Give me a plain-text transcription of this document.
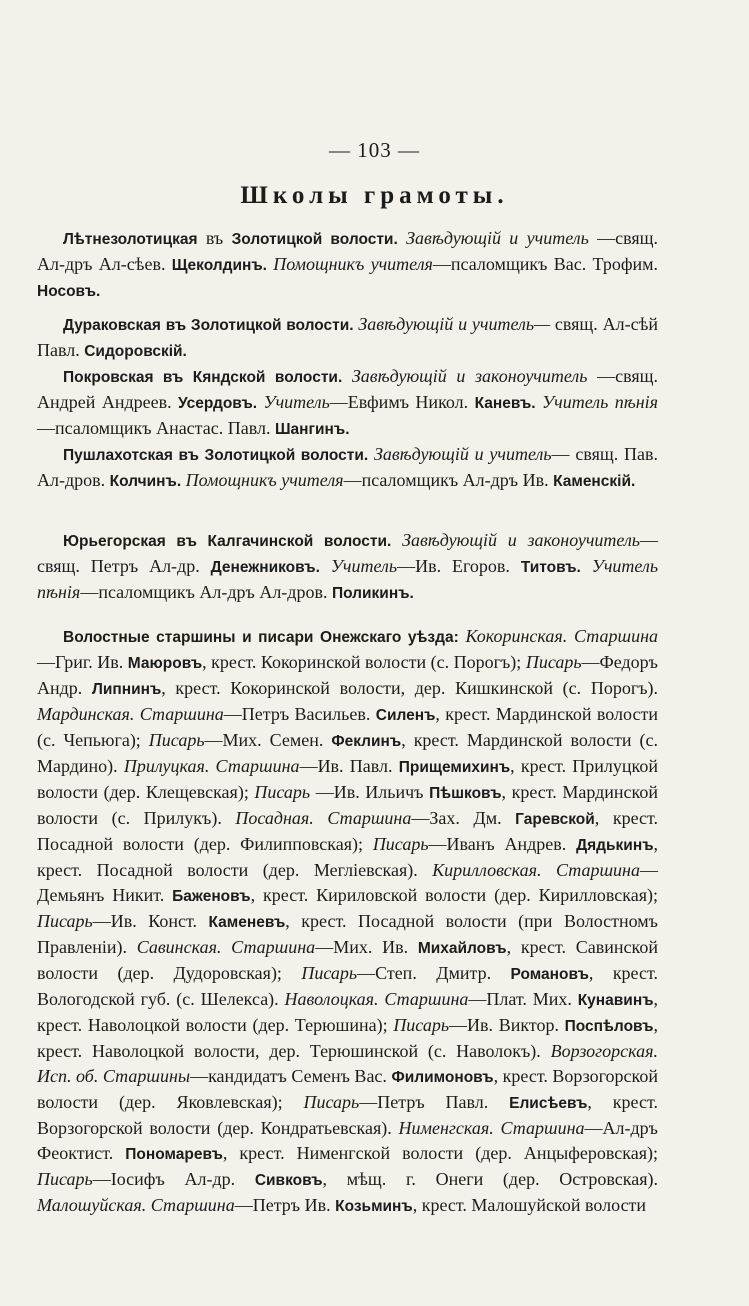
— 103 —
Школы грамоты.
Лѣтнезолотицкая въ Золотицкой волости. Завѣдующій и учитель —свящ. Ал-дръ Ал-сѣев. Щеколдинъ. Помощникъ учителя—псаломщикъ Вас. Трофим. Носовъ.
Дураковская въ Золотицкой волости. Завѣдующій и учитель— свящ. Ал-сѣй Павл. Сидоровскій.
Покровская въ Кяндской волости. Завѣдующій и законоучитель —свящ. Андрей Андреев. Усердовъ. Учитель—Евфимъ Никол. Каневъ. Учитель пѣнія—псаломщикъ Анастас. Павл. Шангинъ.
Пушлахотская въ Золотицкой волости. Завѣдующій и учитель— свящ. Пав. Ал-дров. Колчинъ. Помощникъ учителя—псаломщикъ Ал-дръ Ив. Каменскій.
Юрьегорская въ Калгачинской волости. Завѣдующій и законоучитель—свящ. Петръ Ал-др. Денежниковъ. Учитель—Ив. Егоров. Титовъ. Учитель пѣнія—псаломщикъ Ал-дръ Ал-дров. Поликинъ.
Волостные старшины и писари Онежскаго уѣзда: Кокоринская. Старшина—Григ. Ив. Маюровъ, крест. Кокоринской волости (с. Порогъ); Писарь—Федоръ Андр. Липнинъ, крест. Кокоринской волости, дер. Кишкинской (с. Порогъ). Мардинская. Старшина—Петръ Васильев. Силенъ, крест. Мардинской волости (с. Чепьюга); Писарь—Мих. Семен. Феклинъ, крест. Мардинской волости (с. Мардино). Прилуцкая. Старшина—Ив. Павл. Прищемихинъ, крест. Прилуцкой волости (дер. Клещевская); Писарь —Ив. Ильичъ Пѣшковъ, крест. Мардинской волости (с. Прилукъ). Посадная. Старшина—Зах. Дм. Гаревской, крест. Посадной волости (дер. Филипповская); Писарь—Иванъ Андрев. Дядькинъ, крест. Посадной волости (дер. Мегліевская). Кирилловская. Старшина—Демьянъ Никит. Баженовъ, крест. Кириловской волости (дер. Кирилловская); Писарь—Ив. Конст. Каменевъ, крест. Посадной волости (при Волостномъ Правленіи). Савинская. Старшина—Мих. Ив. Михайловъ, крест. Савинской волости (дер. Дудоровская); Писарь—Степ. Дмитр. Романовъ, крест. Вологодской губ. (с. Шелекса). Наволоцкая. Старшина—Плат. Мих. Кунавинъ, крест. Наволоцкой волости (дер. Терюшина); Писарь—Ив. Виктор. Поспѣловъ, крест. Наволоцкой волости, дер. Терюшинской (с. Наволокъ). Ворзогорская. Исп. об. Старшины—кандидатъ Семенъ Вас. Филимоновъ, крест. Ворзогорской волости (дер. Яковлевская); Писарь—Петръ Павл. Елисѣевъ, крест. Ворзогорской волости (дер. Кондратьевская). Нименгская. Старшина—Ал-дръ Феоктист. Пономаревъ, крест. Нименгской волости (дер. Анцыферовская); Писарь—Іосифъ Ал-др. Сивковъ, мѣщ. г. Онеги (дер. Островская). Малошуйская. Старшина—Петръ Ив. Козьминъ, крест. Малошуйской волости
